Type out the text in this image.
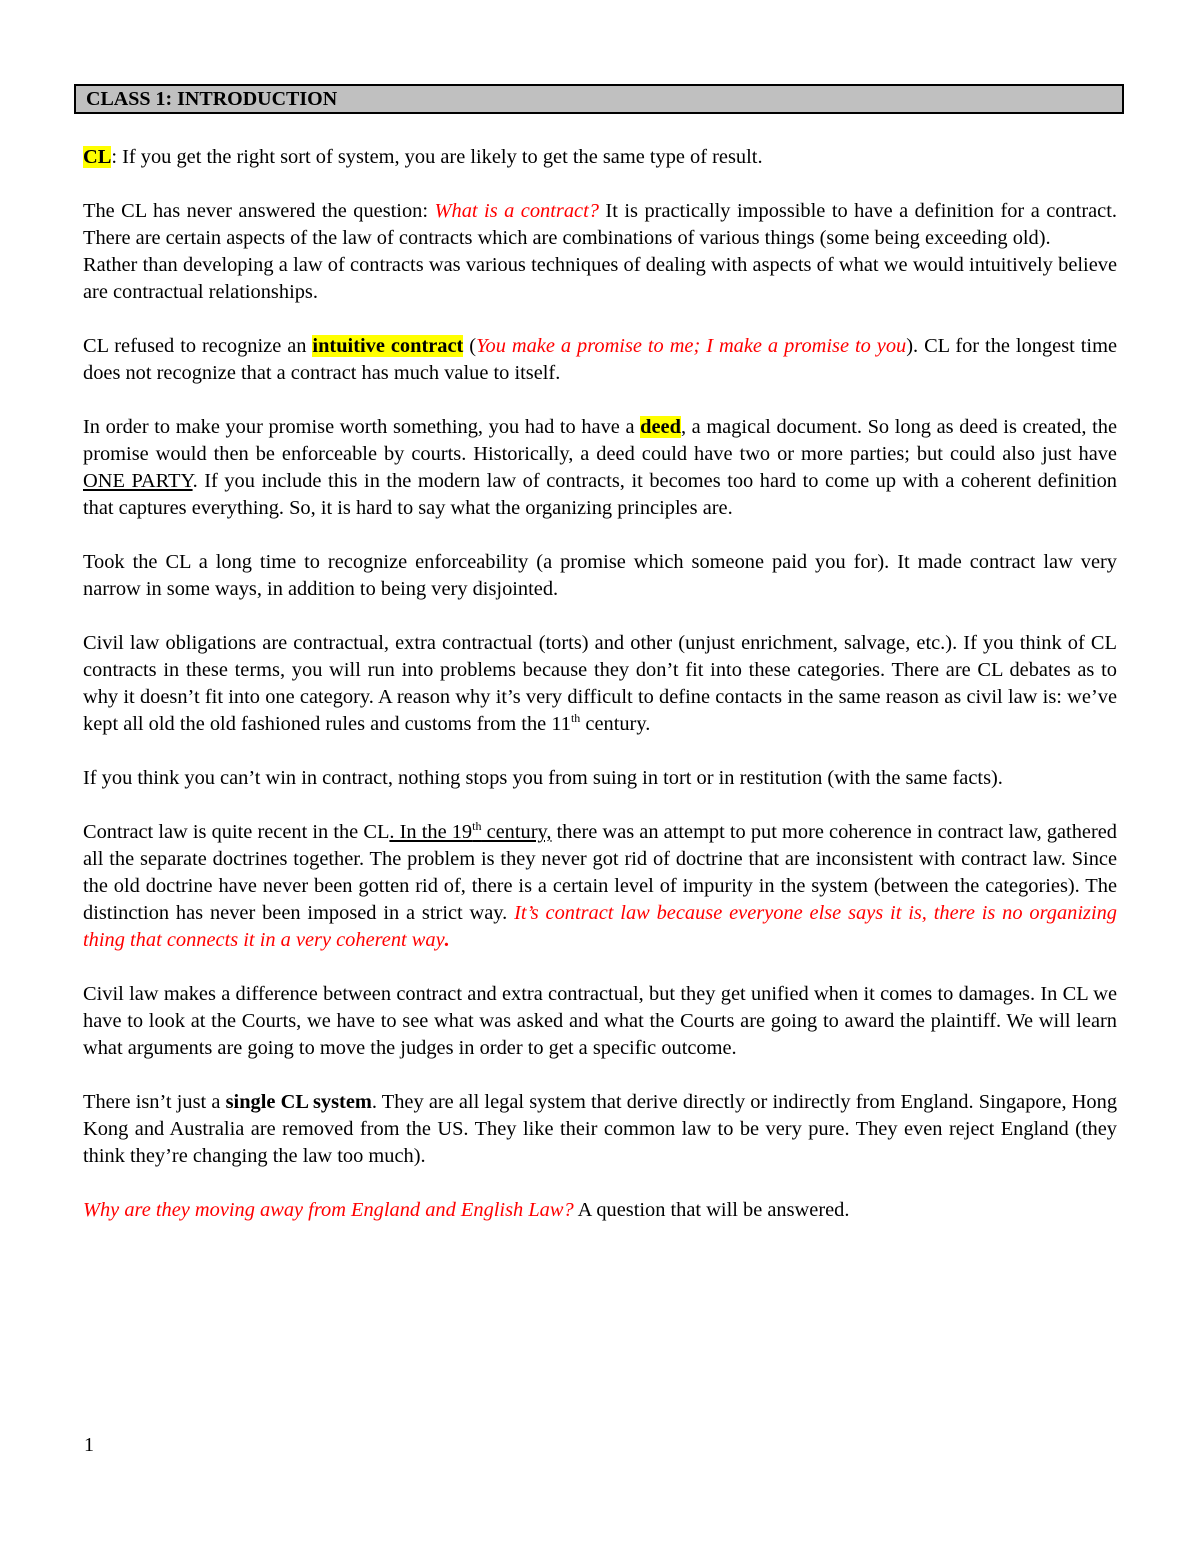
CLASS 1: INTRODUCTION

CL: If you get the right sort of system, you are likely to get the same type of result.

The CL has never answered the question: What is a contract? It is practically impossible to have a definition for a contract. There are certain aspects of the law of contracts which are combinations of various things (some being exceeding old).

Rather than developing a law of contracts was various techniques of dealing with aspects of what we would intuitively believe are contractual relationships.

CL refused to recognize an intuitive contract (You make a promise to me; I make a promise to you). CL for the longest time does not recognize that a contract has much value to itself.

In order to make your promise worth something, you had to have a deed, a magical document. So long as deed is created, the promise would then be enforceable by courts. Historically, a deed could have two or more parties; but could also just have ONE PARTY. If you include this in the modern law of contracts, it becomes too hard to come up with a coherent definition that captures everything. So, it is hard to say what the organizing principles are.

Took the CL a long time to recognize enforceability (a promise which someone paid you for). It made contract law very narrow in some ways, in addition to being very disjointed.

Civil law obligations are contractual, extra contractual (torts) and other (unjust enrichment, salvage, etc.). If you think of CL contracts in these terms, you will run into problems because they don’t fit into these categories. There are CL debates as to why it doesn’t fit into one category. A reason why it’s very difficult to define contacts in the same reason as civil law is: we’ve kept all old the old fashioned rules and customs from the 11th century.

If you think you can’t win in contract, nothing stops you from suing in tort or in restitution (with the same facts).

Contract law is quite recent in the CL. In the 19th century, there was an attempt to put more coherence in contract law, gathered all the separate doctrines together. The problem is they never got rid of doctrine that are inconsistent with contract law. Since the old doctrine have never been gotten rid of, there is a certain level of impurity in the system (between the categories). The distinction has never been imposed in a strict way. It’s contract law because everyone else says it is, there is no organizing thing that connects it in a very coherent way.

Civil law makes a difference between contract and extra contractual, but they get unified when it comes to damages. In CL we have to look at the Courts, we have to see what was asked and what the Courts are going to award the plaintiff. We will learn what arguments are going to move the judges in order to get a specific outcome.

There isn’t just a single CL system. They are all legal system that derive directly or indirectly from England. Singapore, Hong Kong and Australia are removed from the US. They like their common law to be very pure. They even reject England (they think they’re changing the law too much).

Why are they moving away from England and English Law? A question that will be answered.

1
